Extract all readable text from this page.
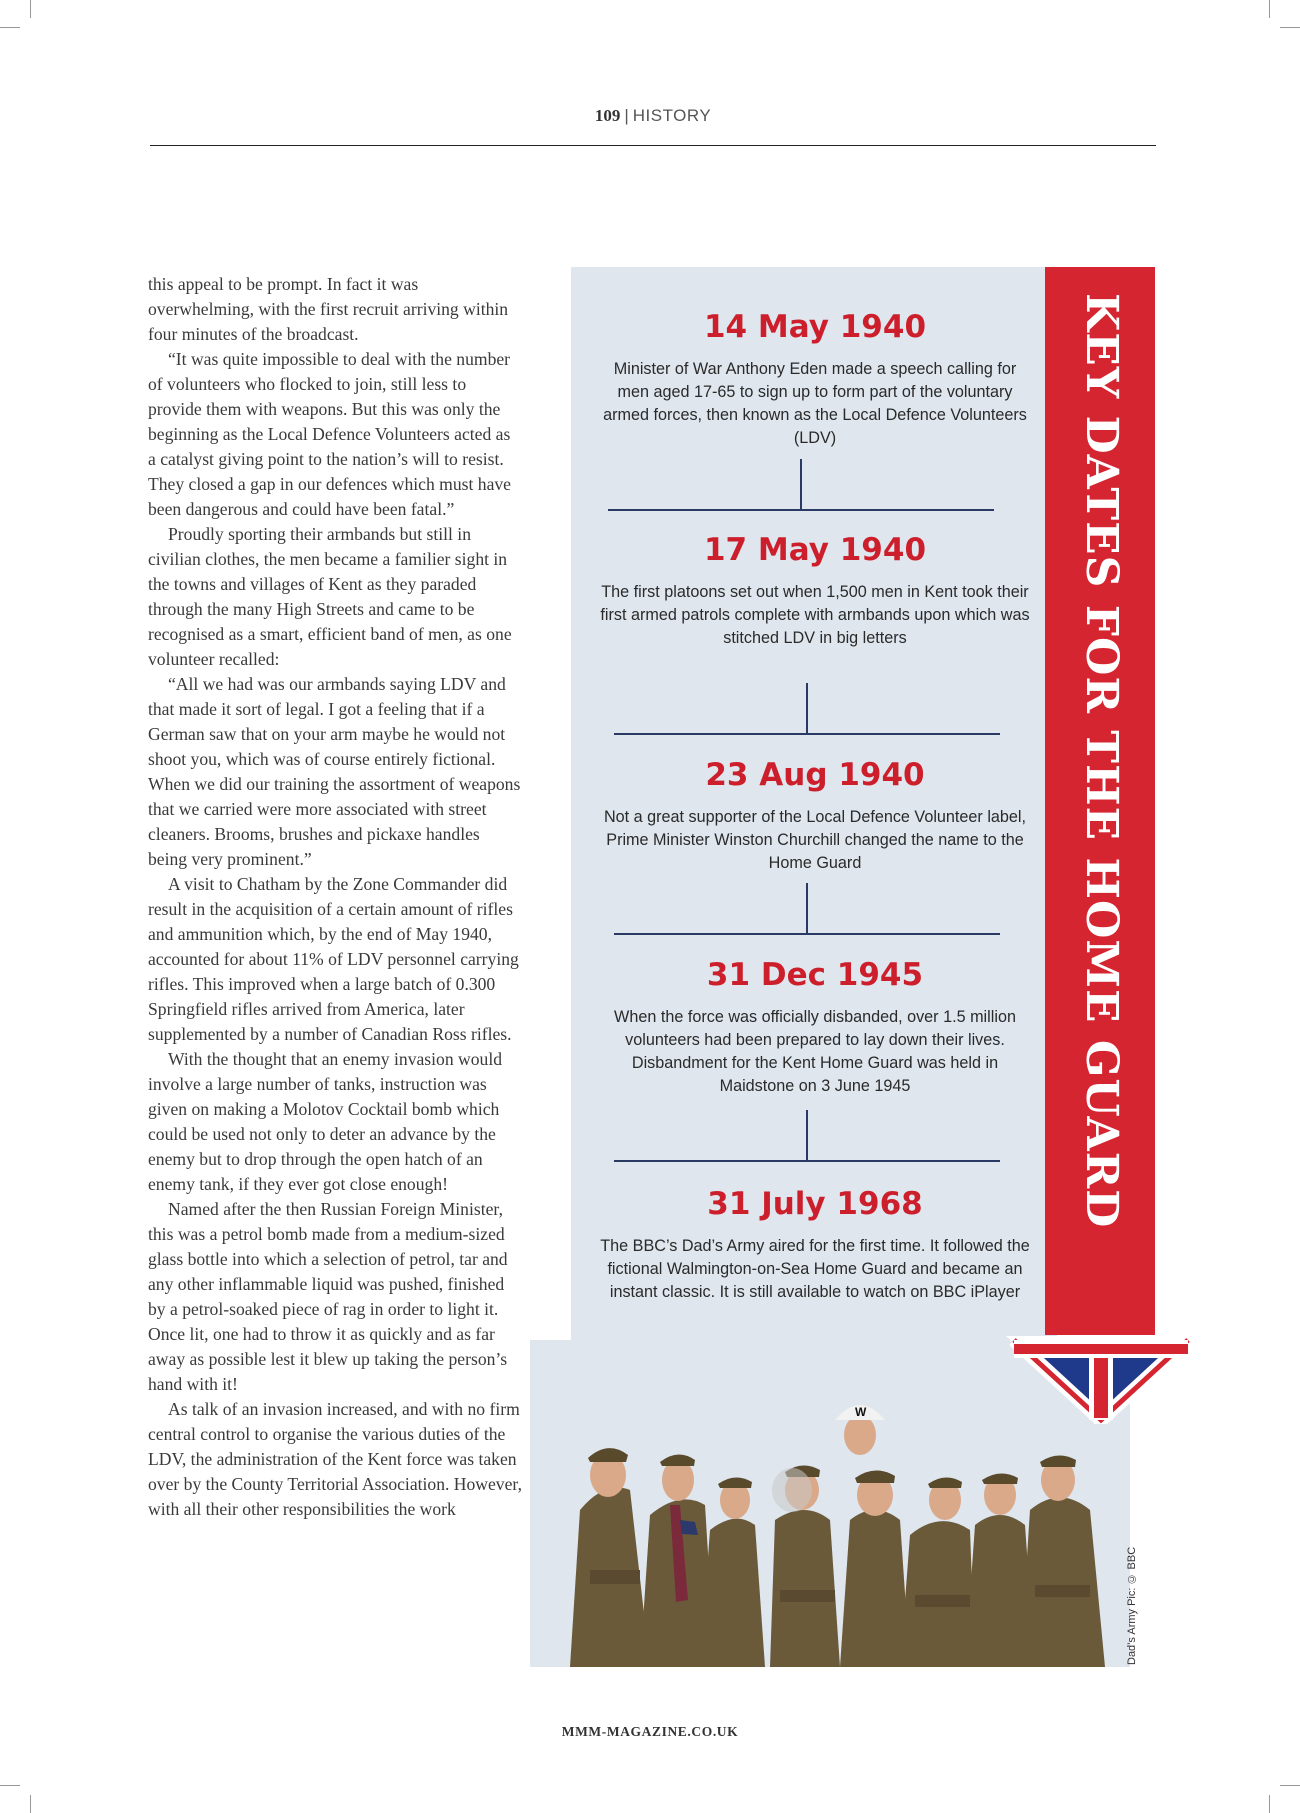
109 | HISTORY

this appeal to be prompt. In fact it was overwhelming, with the first recruit arriving within four minutes of the broadcast.

“It was quite impossible to deal with the number of volunteers who flocked to join, still less to provide them with weapons. But this was only the beginning as the Local Defence Volunteers acted as a catalyst giving point to the nation’s will to resist. They closed a gap in our defences which must have been dangerous and could have been fatal.”

Proudly sporting their armbands but still in civilian clothes, the men became a familier sight in the towns and villages of Kent as they paraded through the many High Streets and came to be recognised as a smart, efficient band of men, as one volunteer recalled:

“All we had was our armbands saying LDV and that made it sort of legal. I got a feeling that if a German saw that on your arm maybe he would not shoot you, which was of course entirely fictional. When we did our training the assortment of weapons that we carried were more associated with street cleaners. Brooms, brushes and pickaxe handles being very prominent.”

A visit to Chatham by the Zone Commander did result in the acquisition of a certain amount of rifles and ammunition which, by the end of May 1940, accounted for about 11% of LDV personnel carrying rifles. This improved when a large batch of 0.300 Springfield rifles arrived from America, later supplemented by a number of Canadian Ross rifles.

With the thought that an enemy invasion would involve a large number of tanks, instruction was given on making a Molotov Cocktail bomb which could be used not only to deter an advance by the enemy but to drop through the open hatch of an enemy tank, if they ever got close enough!

Named after the then Russian Foreign Minister, this was a petrol bomb made from a medium-sized glass bottle into which a selection of petrol, tar and any other inflammable liquid was pushed, finished by a petrol-soaked piece of rag in order to light it. Once lit, one had to throw it as quickly and as far away as possible lest it blew up taking the person’s hand with it!

As talk of an invasion increased, and with no firm central control to organise the various duties of the LDV, the administration of the Kent force was taken over by the County Territorial Association. However, with all their other responsibilities the work

KEY DATES FOR THE HOME GUARD
14 May 1940
Minister of War Anthony Eden made a speech calling for men aged 17-65 to sign up to form part of the voluntary armed forces, then known as the Local Defence Volunteers (LDV)
17 May 1940
The first platoons set out when 1,500 men in Kent took their first armed patrols complete with armbands upon which was stitched LDV in big letters
23 Aug 1940
Not a great supporter of the Local Defence Volunteer label, Prime Minister Winston Churchill changed the name to the Home Guard
31 Dec 1945
When the force was officially disbanded, over 1.5 million volunteers had been prepared to lay down their lives. Disbandment for the Kent Home Guard was held in Maidstone on 3 June 1945
31 July 1968
The BBC’s Dad’s Army aired for the first time. It followed the fictional Walmington-on-Sea Home Guard and became an instant classic. It is still available to watch on BBC iPlayer
W
Dad’s Army Pic: © BBC
MMM-MAGAZINE.CO.UK
